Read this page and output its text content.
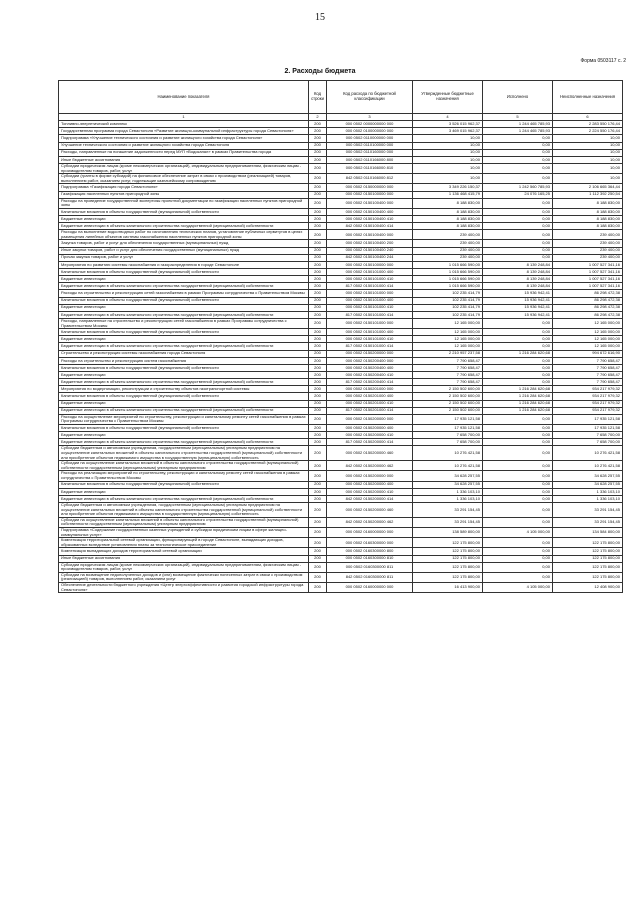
15
Форма 0503117 с. 2
2. Расходы бюджета
Наименование показателя	Код строки	Код расхода по бюджетной классификации	Утвержденные бюджетные назначения	Исполнено	Неисполненные назначения
1	2	3	4	5	6
Топливно-энергетический комплекс	200	000 0502 0000000000 000	3 526 015 962,37	1 244 465 785,93	2 283 550 176,44
Государственная программа города Севастополя «Развитие жилищно-коммунальной инфраструктуры города Севастополя»	200	000 0502 0100000000 000	3 469 015 962,37	1 244 465 785,93	2 224 550 176,44
Подпрограмма «Улучшение технического состояния и развитие жилищного хозяйства города Севастополя»	200	000 0502 0110000000 000	10,00	0,00	10,00
Улучшение технического состояния и развитие жилищного хозяйства города Севастополя	200	000 0502 0110100000 000	10,00	0,00	10,00
Расходы, направленные на погашение задолженности перед МУП «Водоканал» в рамках Правительства города	200	000 0502 0110160000 000	10,00	0,00	10,00
Иные бюджетные ассигнования	200	000 0502 0110166000 800	10,00	0,00	10,00
Субсидии юридическим лицам (кроме некоммерческих организаций), индивидуальным предпринимателям, физическим лицам - производителям товаров, работ, услуг	200	000 0502 0110166000 810	10,00	0,00	10,00
Субсидии (гранты в форме субсидий) на финансовое обеспечение затрат в связи с производством (реализацией) товаров, выполнением работ, оказанием услуг, подлежащие казначейскому сопровождению	200	842 0502 0110166000 812	10,00	0,00	10,00
Подпрограмма «Газификация города Севастополя»	200	000 0502 0150000000 000	3 349 226 150,37	1 242 560 785,93	2 106 665 364,44
Газификация населенных пунктов пригородной зоны	200	000 0502 0150100000 000	1 136 468 415,79	24 076 165,25	1 112 392 250,54
Расходы на проведение государственной экспертизы проектной документации по газификации населенных пунктов пригородной зоны	200	000 0502 0150100400 000	8 188 830,00	0,00	8 188 830,00
Капитальные вложения в объекты государственной (муниципальной) собственности	200	000 0502 0150100400 400	8 188 830,00	0,00	8 188 830,00
Бюджетные инвестиции	200	000 0502 0150100400 410	8 188 830,00	0,00	8 188 830,00
Бюджетные инвестиции в объекты капитального строительства государственной (муниципальной) собственности	200	842 0502 0150100400 414	8 188 830,00	0,00	8 188 830,00
Расходы на выполнение водоотводных работ по изготовлению технических планов, установление публичных сервитутов в целях размещения линейных объектов системы газоснабжения населенных пунктов пригородной зоны	200	000 0502 0150100400 000	239 400,00	0,00	239 400,00
Закупка товаров, работ и услуг для обеспечения государственных (муниципальных) нужд	200	000 0502 0150100400 200	239 400,00	0,00	239 400,00
Иные закупки товаров, работ и услуг для обеспечения государственных (муниципальных) нужд	200	000 0502 0150100400 240	239 400,00	0,00	239 400,00
Прочая закупка товаров, работ и услуг	200	842 0502 0150100400 244	239 400,00	0,00	239 400,00
Мероприятия по развитию системы газоснабжения и газораспределения в городе Севастополе	200	000 0502 0150100000 000	1 015 666 590,00	8 139 248,84	1 007 527 341,16
Капитальные вложения в объекты государственной (муниципальной) собственности	200	000 0502 0150101000 400	1 015 666 590,00	8 139 248,84	1 007 527 341,16
Бюджетные инвестиции	200	000 0502 0150101000 410	1 015 666 590,00	8 139 248,84	1 007 527 341,16
Бюджетные инвестиции в объекты капитального строительства государственной (муниципальной) собственности	200	817 0502 0150101000 414	1 015 666 590,00	8 139 248,84	1 007 527 341,16
Расходы на строительство и реконструкцию сетей газоснабжения в рамках Программы сотрудничества с Правительством Москвы	200	000 0502 0150101000 000	102 235 414,79	15 936 942,41	86 298 472,38
Капитальные вложения в объекты государственной (муниципальной) собственности	200	000 0502 0150101000 400	102 235 414,79	15 936 942,41	86 298 472,38
Бюджетные инвестиции	200	000 0502 0150101000 410	102 235 414,79	15 936 942,41	86 298 472,38
Бюджетные инвестиции в объекты капитального строительства государственной (муниципальной) собственности	200	817 0502 0150101000 414	102 235 414,79	15 936 942,41	86 298 472,38
Расходы, направленные на строительство и реконструкцию сетей газоснабжения в рамках Программы сотрудничества с Правительством Москвы	200	000 0502 0150101000 000	12 165 000,00	0,00	12 165 000,00
Капитальные вложения в объекты государственной (муниципальной) собственности	200	000 0502 0150101000 400	12 165 000,00	0,00	12 165 000,00
Бюджетные инвестиции	200	000 0502 0150101000 410	12 165 000,00	0,00	12 165 000,00
Бюджетные инвестиции в объекты капитального строительства государственной (муниципальной) собственности	200	817 0502 0150101000 414	12 165 000,00	0,00	12 165 000,00
Строительство и реконструкция системы газоснабжения города Севастополя	200	000 0502 0150200000 000	2 210 957 237,58	1 216 284 620,68	994 672 616,90
Расходы на строительство и реконструкцию систем газоснабжения	200	000 0502 0150200400 000	7 790 658,47	0,00	7 790 658,47
Капитальные вложения в объекты государственной (муниципальной) собственности	200	000 0502 0150200400 400	7 790 658,47	0,00	7 790 658,47
Бюджетные инвестиции	200	000 0502 0150200400 410	7 790 658,47	0,00	7 790 658,47
Бюджетные инвестиции в объекты капитального строительства государственной (муниципальной) собственности	200	817 0502 0150200400 414	7 790 658,47	0,00	7 790 658,47
Мероприятия по модернизации, реконструкции и строительству объектов газотранспортной системы	200	000 0502 0150201000 000	2 150 502 600,00	1 216 284 620,68	934 217 979,32
Капитальные вложения в объекты государственной (муниципальной) собственности	200	000 0502 0150201000 400	2 150 502 600,00	1 216 284 620,68	934 217 979,32
Бюджетные инвестиции	200	000 0502 0150201000 410	2 150 502 600,00	1 216 284 620,68	934 217 979,32
Бюджетные инвестиции в объекты капитального строительства государственной (муниципальной) собственности	200	817 0502 0150201000 414	2 150 502 600,00	1 216 284 620,68	934 217 979,32
Расходы на осуществление мероприятий по строительству, реконструкции и капитальному ремонту сетей газоснабжения в рамках Программы сотрудничества с Правительством Москвы	200	000 0502 0150200000 000	17 935 121,58	0,00	17 935 121,58
Капитальные вложения в объекты государственной (муниципальной) собственности	200	000 0502 0150200000 400	17 935 121,58	0,00	17 935 121,58
Бюджетные инвестиции	200	000 0502 0150200000 410	7 658 700,00	0,00	7 658 700,00
Бюджетные инвестиции в объекты капитального строительства государственной (муниципальной) собственности	200	817 0502 0150200000 414	7 658 700,00	0,00	7 658 700,00
Субсидии бюджетным и автономным учреждениям, государственным (муниципальным) унитарным предприятиям на осуществление капитальных вложений в объекты капитального строительства государственной (муниципальной) собственности или приобретение объектов недвижимого имущества в государственную (муниципальную) собственность	200	000 0502 0150200000 460	10 276 421,58	0,00	10 276 421,58
Субсидии на осуществление капитальных вложений в объекты капитального строительства государственной (муниципальной) собственности государственным (муниципальным) унитарным предприятиям	200	842 0502 0150200000 462	10 276 421,58	0,00	10 276 421,58
Расходы на реализацию мероприятий по строительству, реконструкции и капитальному ремонту сетей газоснабжения в рамках сотрудничества с Правительством Москвы	200	000 0502 0150200000 000	34 628 257,55	0,00	34 628 257,55
Капитальные вложения в объекты государственной (муниципальной) собственности	200	000 0502 0150200000 400	34 628 257,55	0,00	34 628 257,55
Бюджетные инвестиции	200	000 0502 0150200000 410	1 336 103,10	0,00	1 336 103,10
Бюджетные инвестиции в объекты капитального строительства государственной (муниципальной) собственности	200	842 0502 0150200000 414	1 336 103,10	0,00	1 336 103,10
Субсидии бюджетным и автономным учреждениям, государственным (муниципальным) унитарным предприятиям на осуществление капитальных вложений в объекты капитального строительства государственной (муниципальной) собственности или приобретение объектов недвижимого имущества в государственную (муниципальную) собственность	200	000 0502 0150200000 460	33 291 154,45	0,00	33 291 154,45
Субсидии на осуществление капитальных вложений в объекты капитального строительства государственной (муниципальной) собственности государственным (муниципальным) унитарным предприятиям	200	842 0502 0150200000 462	33 291 154,45	0,00	33 291 154,45
Подпрограмма «Содержание государственных казенных учреждений и субсидии юридическим лицам в сфере жилищно-коммунальных услуг»	200	000 0502 0160000000 000	138 589 800,00	4 105 000,00	134 584 800,00
Компенсация территориальной сетевой организации, функционирующей в городе Севастополе, выпадающих доходов, образованных вследствие установления платы за технологическое присоединение	200	000 0502 0160300000 000	122 175 800,00	0,00	122 175 800,00
Компенсация выпадающих доходов территориальной сетевой организации	200	000 0502 0160300000 800	122 175 800,00	0,00	122 175 800,00
Иные бюджетные ассигнования	200	000 0502 0160300000 810	122 175 800,00	0,00	122 175 800,00
Субсидии юридическим лицам (кроме некоммерческих организаций), индивидуальным предпринимателям, физическим лицам - производителям товаров, работ, услуг	200	000 0502 0160300000 811	122 175 800,00	0,00	122 175 800,00
Субсидии на возмещение недополученных доходов и (или) возмещение фактически понесенных затрат в связи с производством (реализацией) товаров, выполнением работ, оказанием услуг	200	842 0502 0160300000 811	122 175 800,00	0,00	122 175 800,00
Обеспечение деятельности бюджетного учреждения «Центр энергоэффективности и развития городской инфраструктуры города Севастополя»	200	000 0502 0160000000 000	16 413 900,00	4 105 000,00	12 408 900,00
